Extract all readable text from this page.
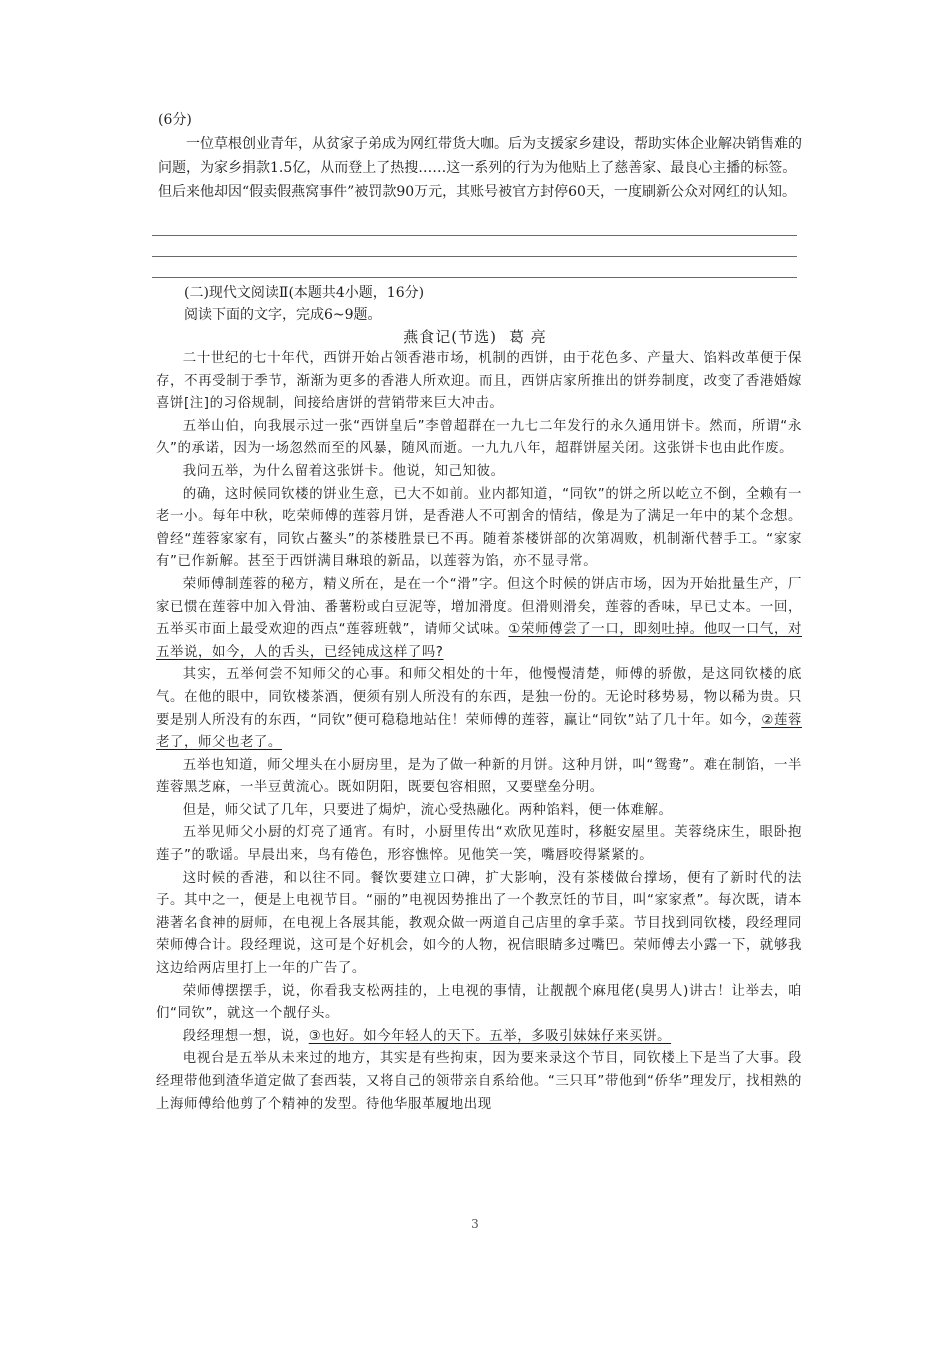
(6分)

一位草根创业青年，从贫家子弟成为网红带货大咖。后为支援家乡建设，帮助实体企业解决销售难的问题，为家乡捐款1.5亿，从而登上了热搜……这一系列的行为为他贴上了慈善家、最良心主播的标签。但后来他却因“假卖假燕窝事件”被罚款90万元，其账号被官方封停60天，一度刷新公众对网红的认知。

(二)现代文阅读Ⅱ(本题共4小题，16分)
阅读下面的文字，完成6~9题。
燕食记(节选) 葛 亮

二十世纪的七十年代，西饼开始占领香港市场，机制的西饼，由于花色多、产量大、馅料改革便于保存，不再受制于季节，渐渐为更多的香港人所欢迎。而且，西饼店家所推出的饼券制度，改变了香港婚嫁喜饼[注]的习俗规制，间接给唐饼的营销带来巨大冲击。

五举山伯，向我展示过一张“西饼皇后”李曾超群在一九七二年发行的永久通用饼卡。然而，所谓“永久”的承诺，因为一场忽然而至的风暴，随风而逝。一九九八年，超群饼屋关闭。这张饼卡也由此作废。

我问五举，为什么留着这张饼卡。他说，知己知彼。

的确，这时候同钦楼的饼业生意，已大不如前。业内都知道，“同钦”的饼之所以屹立不倒，全赖有一老一小。每年中秋，吃荣师傅的莲蓉月饼，是香港人不可割舍的情结，像是为了满足一年中的某个念想。曾经“莲蓉家家有，同钦占鳌头”的茶楼胜景已不再。随着茶楼饼部的次第凋败，机制渐代替手工。“家家有”已作新解。甚至于西饼满目琳琅的新品，以莲蓉为馅，亦不显寻常。

荣师傅制莲蓉的秘方，精义所在，是在一个“滑”字。但这个时候的饼店市场，因为开始批量生产，厂家已惯在莲蓉中加入骨油、番薯粉或白豆泥等，增加滑度。但滑则滑矣，莲蓉的香味，早已丈本。一回，五举买市面上最受欢迎的西点“莲蓉班戟”，请师父试味。①荣师傅尝了一口，即刻吐掉。他叹一口气，对五举说，如今，人的舌头，已经钝成这样了吗?

其实，五举何尝不知师父的心事。和师父相处的十年，他慢慢清楚，师傅的骄傲，是这同钦楼的底气。在他的眼中，同钦楼茶酒，便须有别人所没有的东西，是独一份的。无论时移势易，物以稀为贵。只要是别人所没有的东西，“同钦”便可稳稳地站住！荣师傅的莲蓉，赢让“同钦”站了几十年。如今，②莲蓉老了，师父也老了。

五举也知道，师父埋头在小厨房里，是为了做一种新的月饼。这种月饼，叫“鸳鸯”。难在制馅，一半莲蓉黑芝麻，一半豆黄流心。既如阴阳，既要包容相照，又要壁垒分明。

但是，师父试了几年，只要进了焗炉，流心受热融化。两种馅料，便一体难解。

五举见师父小厨的灯亮了通宵。有时，小厨里传出“欢欣见莲时，移艇安屋里。芙蓉绕床生，眼卧抱莲子”的歌谣。早晨出来，鸟有倦色，形容憔悴。见他笑一笑，嘴唇咬得紧紧的。

这时候的香港，和以往不同。餐饮要建立口碑，扩大影响，没有茶楼做台撑场，便有了新时代的法子。其中之一，便是上电视节目。“丽的”电视因势推出了一个教烹饪的节目，叫“家家煮”。每次既，请本港著名食神的厨师，在电视上各展其能，教观众做一两道自己店里的拿手菜。节目找到同钦楼，段经理同荣师傅合计。段经理说，这可是个好机会，如今的人物，祝信眼睛多过嘴巴。荣师傅去小露一下，就够我这边给两店里打上一年的广告了。

荣师傅摆摆手，说，你看我支松两挂的，上电视的事情，让靓靓个麻甩佬(臭男人)讲古！让举去，咱们“同钦”，就这一个靓仔头。

段经理想一想，说，③也好。如今年轻人的天下。五举，多吸引妹妹仔来买饼。

电视台是五举从未来过的地方，其实是有些拘束，因为要来录这个节目，同钦楼上下是当了大事。段经理带他到渣华道定做了套西装，又将自己的领带亲自系给他。“三只耳”带他到“侨华”理发厅，找相熟的上海师傅给他剪了个精神的发型。待他华服革履地出现

3
